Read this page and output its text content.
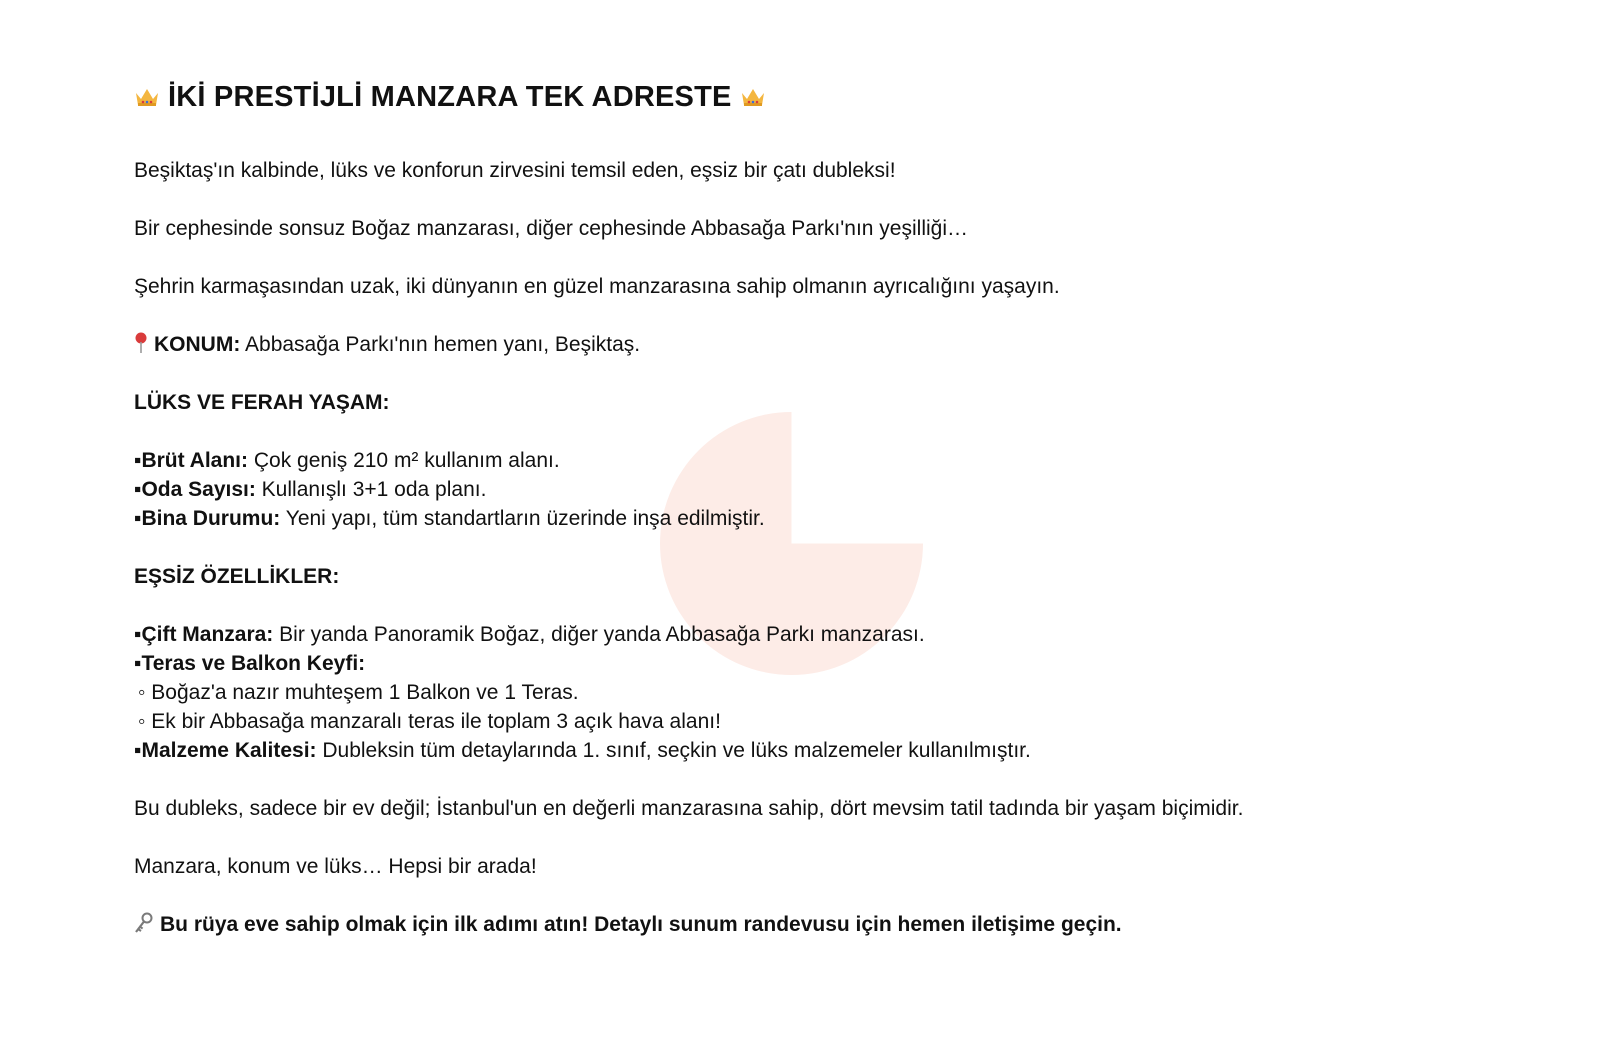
İKİ PRESTİJLİ MANZARA TEK ADRESTE

Beşiktaş'ın kalbinde, lüks ve konforun zirvesini temsil eden, eşsiz bir çatı dubleksi!

Bir cephesinde sonsuz Boğaz manzarası, diğer cephesinde Abbasağa Parkı'nın yeşilliği…

Şehrin karmaşasından uzak, iki dünyanın en güzel manzarasına sahip olmanın ayrıcalığını yaşayın.

KONUM: Abbasağa Parkı'nın hemen yanı, Beşiktaş.

LÜKS VE FERAH YAŞAM:

▪Brüt Alanı: Çok geniş 210 m² kullanım alanı.

▪Oda Sayısı: Kullanışlı 3+1 oda planı.

▪Bina Durumu: Yeni yapı, tüm standartların üzerinde inşa edilmiştir.

EŞSİZ ÖZELLİKLER:

▪Çift Manzara: Bir yanda Panoramik Boğaz, diğer yanda Abbasağa Parkı manzarası.

▪Teras ve Balkon Keyfi:

◦ Boğaz'a nazır muhteşem 1 Balkon ve 1 Teras.

◦ Ek bir Abbasağa manzaralı teras ile toplam 3 açık hava alanı!

▪Malzeme Kalitesi: Dubleksin tüm detaylarında 1. sınıf, seçkin ve lüks malzemeler kullanılmıştır.

Bu dubleks, sadece bir ev değil; İstanbul'un en değerli manzarasına sahip, dört mevsim tatil tadında bir yaşam biçimidir.

Manzara, konum ve lüks… Hepsi bir arada!

Bu rüya eve sahip olmak için ilk adımı atın! Detaylı sunum randevusu için hemen iletişime geçin.
